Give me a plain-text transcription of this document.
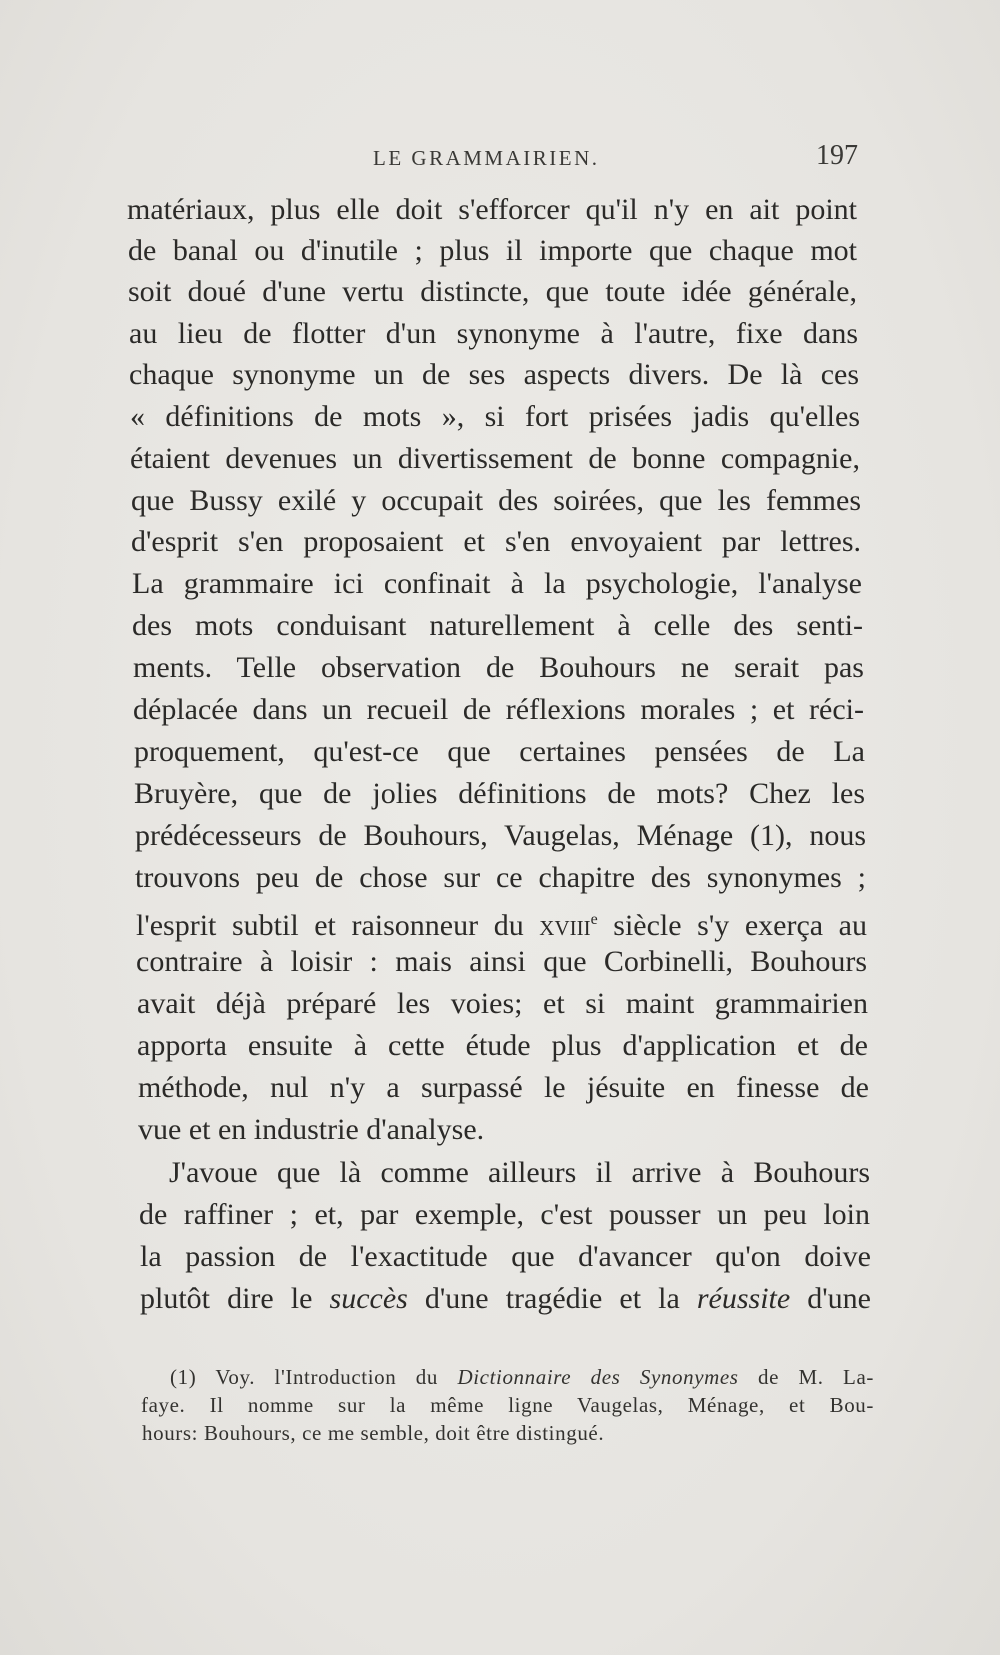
LE GRAMMAIRIEN.	197
matériaux, plus elle doit s'efforcer qu'il n'y en ait point
de banal ou d'inutile ; plus il importe que chaque mot
soit doué d'une vertu distincte, que toute idée générale,
au lieu de flotter d'un synonyme à l'autre, fixe dans
chaque synonyme un de ses aspects divers. De là ces
« définitions de mots », si fort prisées jadis qu'elles
étaient devenues un divertissement de bonne compagnie,
que Bussy exilé y occupait des soirées, que les femmes
d'esprit s'en proposaient et s'en envoyaient par lettres.
La grammaire ici confinait à la psychologie, l'analyse
des mots conduisant naturellement à celle des senti-
ments. Telle observation de Bouhours ne serait pas
déplacée dans un recueil de réflexions morales ; et réci-
proquement, qu'est-ce que certaines pensées de La
Bruyère, que de jolies définitions de mots? Chez les
prédécesseurs de Bouhours, Vaugelas, Ménage (1), nous
trouvons peu de chose sur ce chapitre des synonymes ;
l'esprit subtil et raisonneur du xviii$^e$ siècle s'y exerça au
contraire à loisir : mais ainsi que Corbinelli, Bouhours
avait déjà préparé les voies; et si maint grammairien
apporta ensuite à cette étude plus d'application et de
méthode, nul n'y a surpassé le jésuite en finesse de
vue et en industrie d'analyse.
J'avoue que là comme ailleurs il arrive à Bouhours
de raffiner ; et, par exemple, c'est pousser un peu loin
la passion de l'exactitude que d'avancer qu'on doive
plutôt dire le succès d'une tragédie et la réussite d'une
(1) Voy. l'Introduction du Dictionnaire des Synonymes de M. La-
faye. Il nomme sur la même ligne Vaugelas, Ménage, et Bou-
hours: Bouhours, ce me semble, doit être distingué.
